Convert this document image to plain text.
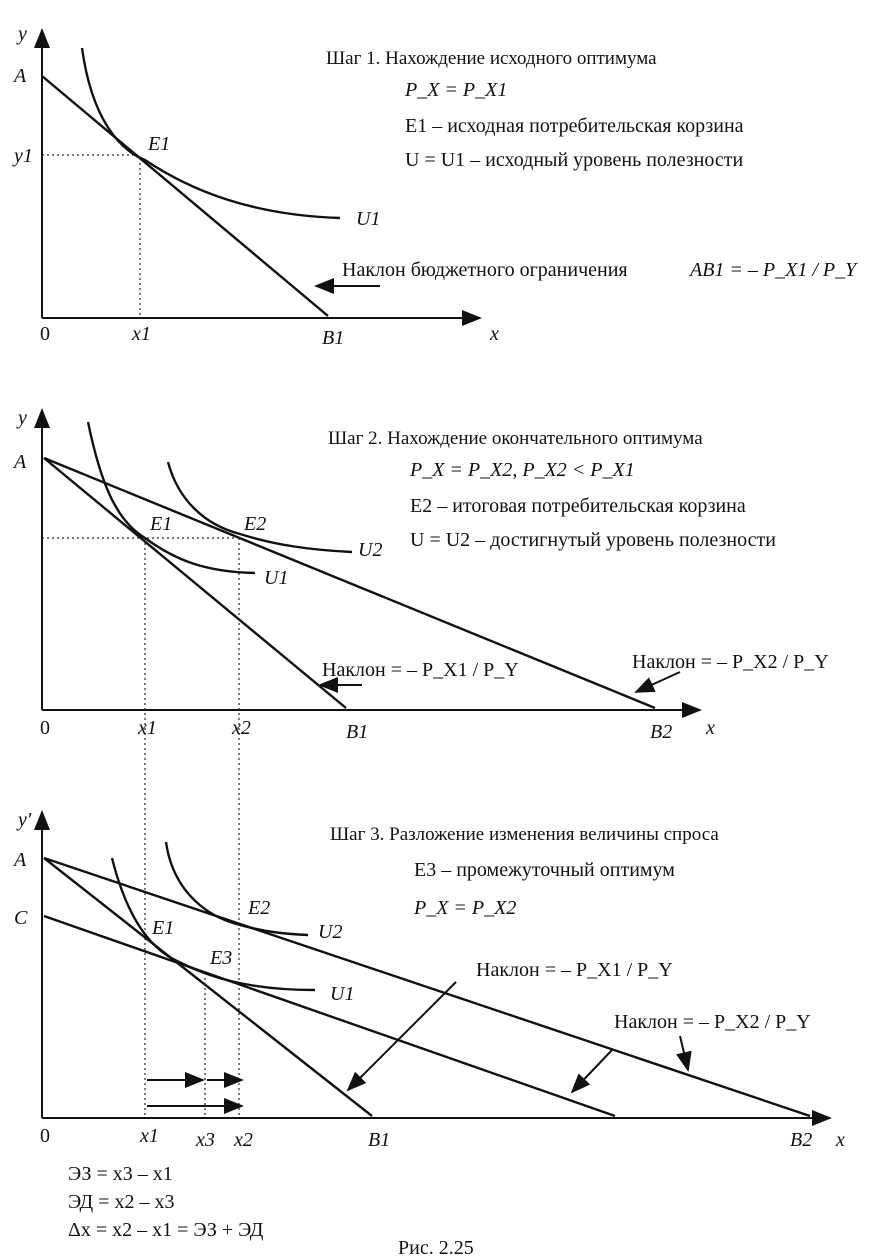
y
A
y1
E1
U1
0	x1	B1	x
Шаг 1. Нахождение исходного оптимума
P_X = P_X1
E1 – исходная потребительская корзина
U = U1 – исходный уровень полезности
Наклон бюджетного ограничения	AB1 = – P_X1 / P_Y
y
A
E1	E2
U1
U2
0	x1	x2	B1	B2 x
Шаг 2. Нахождение окончательного оптимума
P_X = P_X2, P_X2 < P_X1
E2 – итоговая потребительская корзина
U = U2 – достигнутый уровень полезности
Наклон = – P_X1 / P_Y	Наклон = – P_X2 / P_Y
y'
A
C	E1
E2
E3
U2
U1
0	x1 x3 x2	B1	B2 x
Шаг 3. Разложение изменения величины спроса
E3 – промежуточный оптимум
P_X = P_X2
Наклон = – P_X1 / P_Y
Наклон = – P_X2 / P_Y
ЭЗ = x3 – x1
ЭД = x2 – x3
Δx = x2 – x1 = ЭЗ + ЭД
Рис. 2.25
